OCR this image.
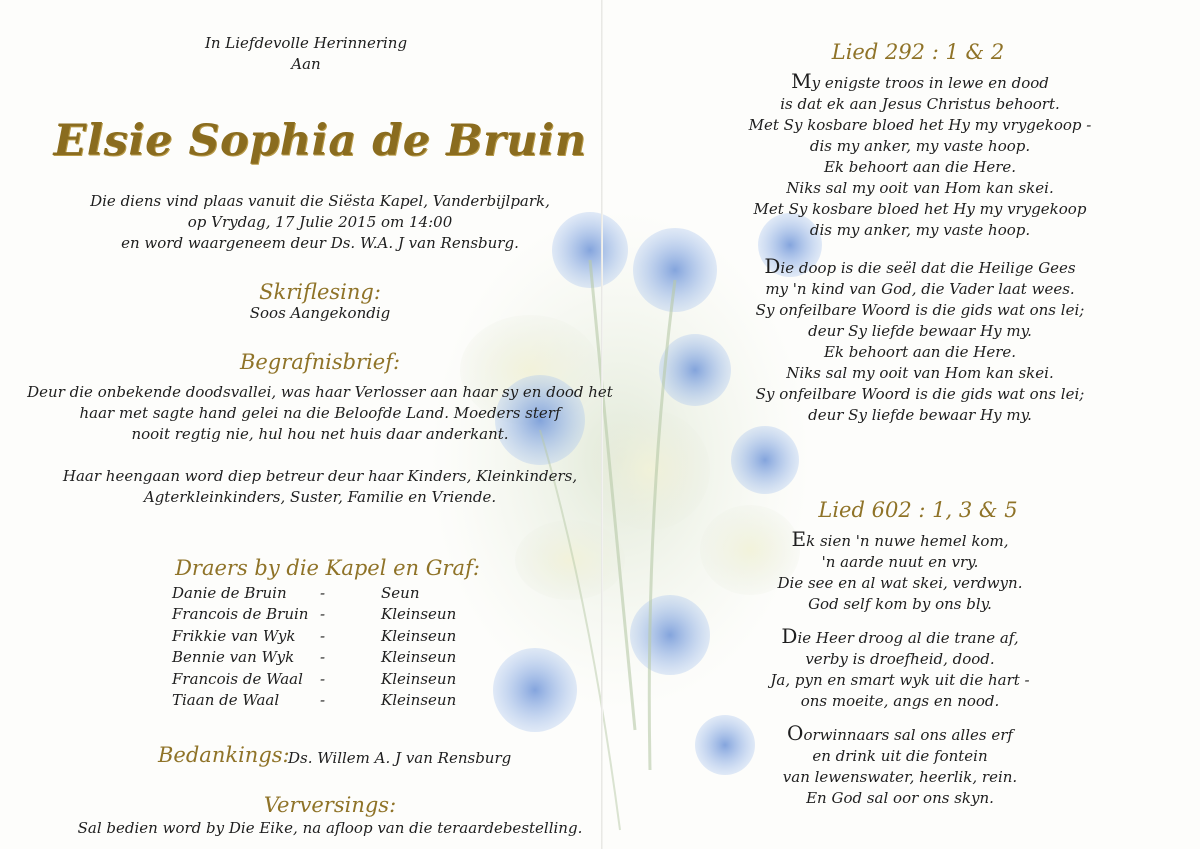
In Liefdevolle Herinnering
Aan
Elsie Sophia de Bruin
Die diens vind plaas vanuit die Siësta Kapel, Vanderbijlpark,
op Vrydag, 17 Julie 2015 om 14:00
en word waargeneem deur Ds. W.A. J van Rensburg.
Skriflesing:
Soos Aangekondig
Begrafnisbrief:
Deur die onbekende doodsvallei, was haar Verlosser aan haar sy en dood het
haar met sagte hand gelei na die Beloofde Land. Moeders sterf
nooit regtig nie, hul hou net huis daar anderkant.
Haar heengaan word diep betreur deur haar Kinders, Kleinkinders,
Agterkleinkinders, Suster, Familie en Vriende.
Draers by die Kapel en Graf:
Danie de Bruin	-	Seun
Francois de Bruin	-	Kleinseun
Frikkie van Wyk	-	Kleinseun
Bennie van Wyk	-	Kleinseun
Francois de Waal	-	Kleinseun
Tiaan de Waal	-	Kleinseun
Bedankings:
Ds. Willem A. J van Rensburg
Verversings:
Sal bedien word by Die Eike, na afloop van die teraardebestelling.
Lied 292 : 1 & 2
My enigste troos in lewe en dood
is dat ek aan Jesus Christus behoort.
Met Sy kosbare bloed het Hy my vrygekoop -
dis my anker, my vaste hoop.
Ek behoort aan die Here.
Niks sal my ooit van Hom kan skei.
Met Sy kosbare bloed het Hy my vrygekoop
dis my anker, my vaste hoop.
Die doop is die seël dat die Heilige Gees
my 'n kind van God, die Vader laat wees.
Sy onfeilbare Woord is die gids wat ons lei;
deur Sy liefde bewaar Hy my.
Ek behoort aan die Here.
Niks sal my ooit van Hom kan skei.
Sy onfeilbare Woord is die gids wat ons lei;
deur Sy liefde bewaar Hy my.
Lied 602 : 1, 3 & 5
Ek sien 'n nuwe hemel kom,
'n aarde nuut en vry.
Die see en al wat skei, verdwyn.
God self kom by ons bly.
Die Heer droog al die trane af,
verby is droefheid, dood.
Ja, pyn en smart wyk uit die hart -
ons moeite, angs en nood.
Oorwinnaars sal ons alles erf
en drink uit die fontein
van lewenswater, heerlik, rein.
En God sal oor ons skyn.
